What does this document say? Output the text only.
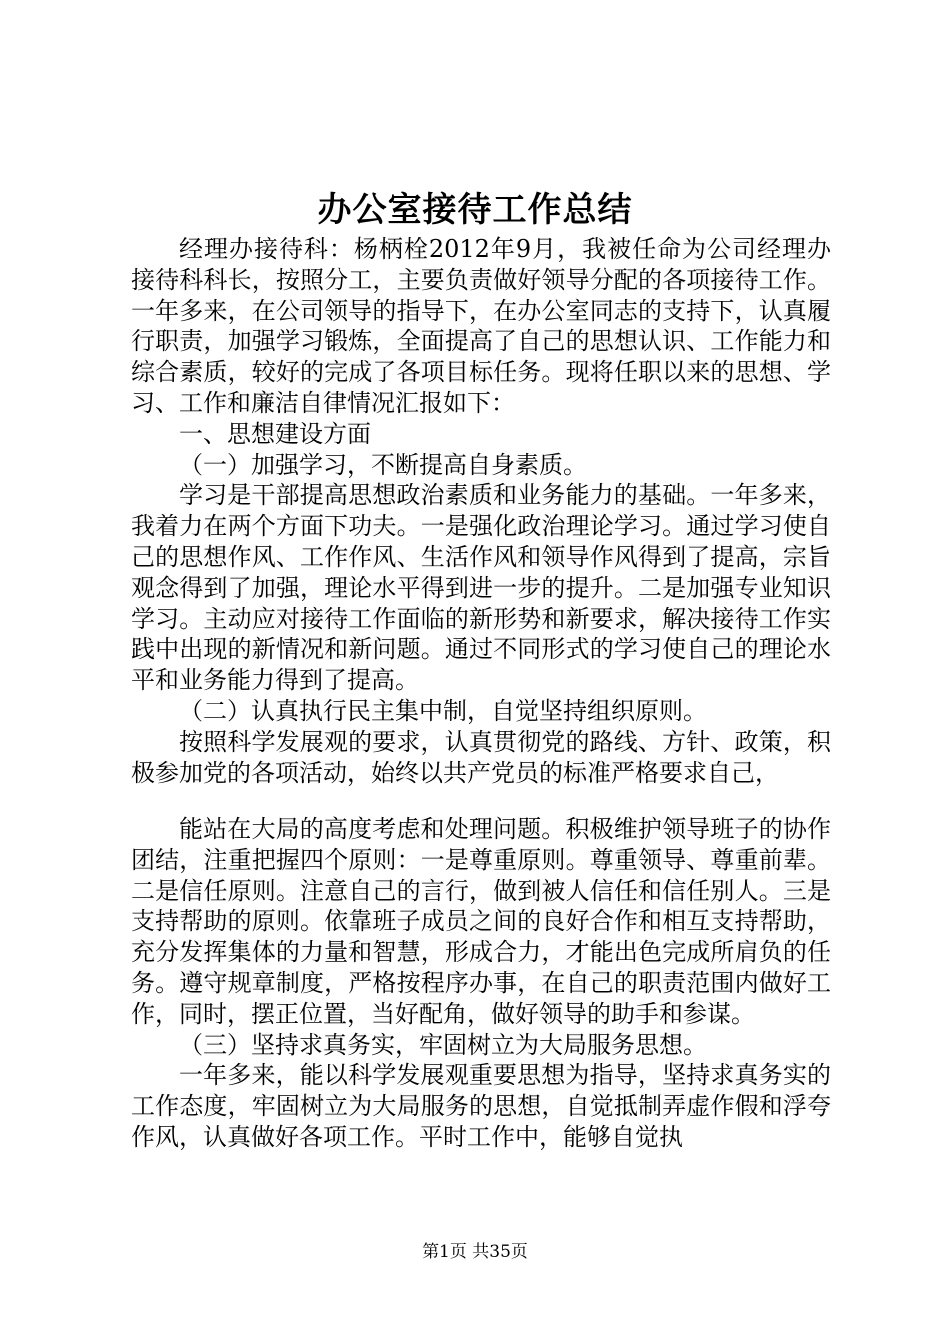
办公室接待工作总结

经理办接待科：杨柄栓2012年9月，我被任命为公司经理办接待科科长，按照分工，主要负责做好领导分配的各项接待工作。一年多来，在公司领导的指导下，在办公室同志的支持下，认真履行职责，加强学习锻炼，全面提高了自己的思想认识、工作能力和综合素质，较好的完成了各项目标任务。现将任职以来的思想、学习、工作和廉洁自律情况汇报如下：

一、思想建设方面

（一）加强学习，不断提高自身素质。

学习是干部提高思想政治素质和业务能力的基础。一年多来，我着力在两个方面下功夫。一是强化政治理论学习。通过学习使自己的思想作风、工作作风、生活作风和领导作风得到了提高，宗旨观念得到了加强，理论水平得到进一步的提升。二是加强专业知识学习。主动应对接待工作面临的新形势和新要求，解决接待工作实践中出现的新情况和新问题。通过不同形式的学习使自己的理论水平和业务能力得到了提高。

（二）认真执行民主集中制，自觉坚持组织原则。

按照科学发展观的要求，认真贯彻党的路线、方针、政策，积极参加党的各项活动，始终以共产党员的标准严格要求自己，

能站在大局的高度考虑和处理问题。积极维护领导班子的协作团结，注重把握四个原则：一是尊重原则。尊重领导、尊重前辈。二是信任原则。注意自己的言行，做到被人信任和信任别人。三是支持帮助的原则。依靠班子成员之间的良好合作和相互支持帮助，充分发挥集体的力量和智慧，形成合力，才能出色完成所肩负的任务。遵守规章制度，严格按程序办事，在自己的职责范围内做好工作，同时，摆正位置，当好配角，做好领导的助手和参谋。

（三）坚持求真务实，牢固树立为大局服务思想。

一年多来，能以科学发展观重要思想为指导，坚持求真务实的工作态度，牢固树立为大局服务的思想，自觉抵制弄虚作假和浮夸作风，认真做好各项工作。平时工作中，能够自觉执

第1页 共35页
